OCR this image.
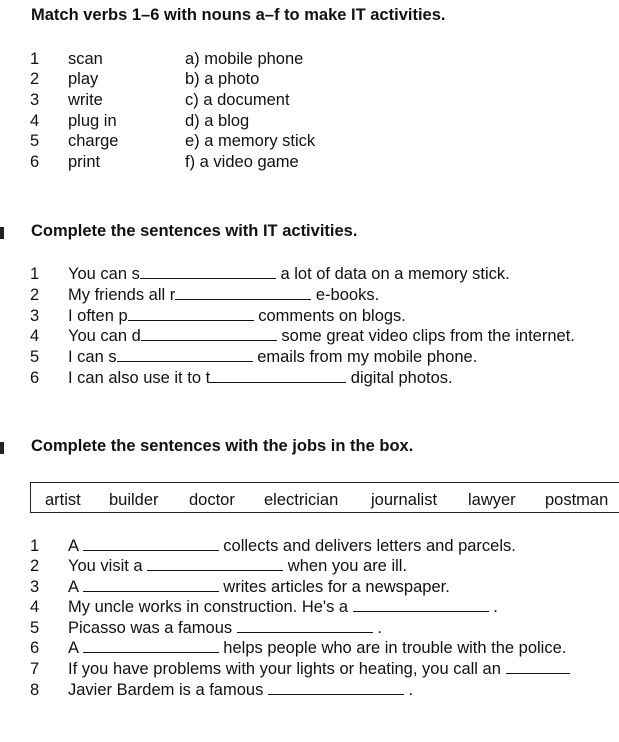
Match verbs 1–6 with nouns a–f to make IT activities.
1 scan	a) mobile phone
2 play	b) a photo
3 write	c) a document
4 plug in	d) a blog
5 charge	e) a memory stick
6 print	f) a video game
Complete the sentences with IT activities.
1 You can s	a lot of data on a memory stick.
2 My friends all r	e-books.
3 I often p	comments on blogs.
4 You can d	some great video clips from the internet.
5 I can s	emails from my mobile phone.
6 I can also use it to t	digital photos.
Complete the sentences with the jobs in the box.
artist builder doctor electrician journalist lawyer postman
1 A	collects and delivers letters and parcels.
2 You visit a	when you are ill.
3 A	writes articles for a newspaper.
4 My uncle works in construction. He's a	.
5 Picasso was a famous	.
6 A	helps people who are in trouble with the police.
7 If you have problems with your lights or heating, you call an
8 Javier Bardem is a famous	.
